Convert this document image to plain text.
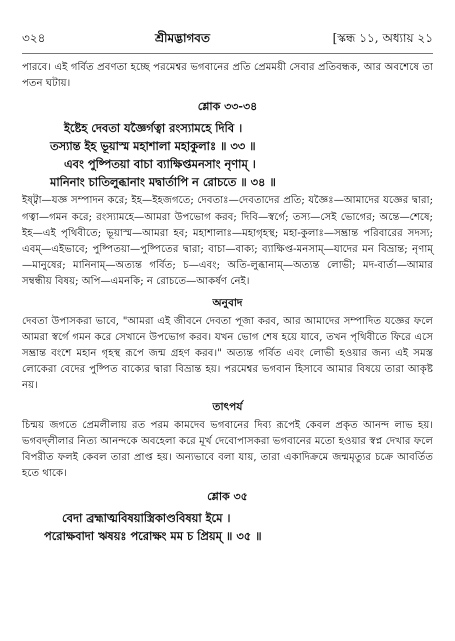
৩২৪	শ্রীমদ্ভাগবত	[স্কন্ধ ১১, অধ্যায় ২১

পারবে। এই গর্বিত প্রবণতা হচ্ছে পরমেশ্বর ভগবানের প্রতি প্রেমময়ী সেবার প্রতিবন্ধক, আর অবশেষে তা পতন ঘটায়।

শ্লোক ৩৩-৩৪

ইষ্টেহ দেবতা যজ্ঞৈর্গত্বা রংস্যামহে দিবি ।

তস্যান্ত ইহ ভূয়াস্ম মহাশালা মহাকুলাঃ ॥ ৩৩ ॥

এবং পুষ্পিতয়া বাচা ব্যাক্ষিপ্তমনসাং নৃণাম্ ।

মানিনাং চাতিলুব্ধানাং মদ্বার্তাপি ন রোচতে ॥ ৩৪ ॥

ইষ্ট্বা—যজ্ঞ সম্পাদন করে; ইহ—ইহজগতে; দেবতাঃ—দেবতাদের প্রতি; যজ্ঞৈঃ—আমাদের যজ্ঞের দ্বারা; গত্বা—গমন করে; রংস্যামহে—আমরা উপভোগ করব; দিবি—স্বর্গে; তস্য—সেই ভোগের; অন্তে—শেষে; ইহ—এই পৃথিবীতে; ভূয়াস্ম—আমরা হব; মহাশালাঃ—মহাগৃহস্থ; মহা-কুলাঃ—সম্ভ্রান্ত পরিবারের সদস্য; এবম্—এইভাবে; পুষ্পিতয়া—পুষ্পিতের দ্বারা; বাচা—বাক্য; ব্যাক্ষিপ্ত-মনসাম্—যাদের মন বিভ্রান্ত; নৃণাম্—মানুষের; মানিনাম্—অত্যন্ত গর্বিত; চ—এবং; অতি-লুব্ধানাম্—অত্যন্ত লোভী; মদ-বার্তা—আমার সম্বন্ধীয় বিষয়; অপি—এমনকি; ন রোচতে—আকর্ষণ নেই।

অনুবাদ

দেবতা উপাসকরা ভাবে, "আমরা এই জীবনে দেবতা পূজা করব, আর আমাদের সম্পাদিত যজ্ঞের ফলে আমরা স্বর্গে গমন করে সেখানে উপভোগ করব। যখন ভোগ শেষ হয়ে যাবে, তখন পৃথিবীতে ফিরে এসে সম্ভ্রান্ত বংশে মহান গৃহস্থ রূপে জন্ম গ্রহণ করব।" অত্যন্ত গর্বিত এবং লোভী হওয়ার জন্য এই সমস্ত লোকেরা বেদের পুষ্পিত বাক্যের দ্বারা বিভ্রান্ত হয়। পরমেশ্বর ভগবান হিসাবে আমার বিষয়ে তারা আকৃষ্ট নয়।

তাৎপর্য

চিন্ময় জগতে প্রেমলীলায় রত পরম কামদেব ভগবানের দিব্য রূপেই কেবল প্রকৃত আনন্দ লাভ হয়। ভগবদ্লীলার নিত্য আনন্দকে অবহেলা করে মূর্খ দেবোপাসকরা ভগবানের মতো হওয়ার স্বপ্ন দেখার ফলে বিপরীত ফলই কেবল তারা প্রাপ্ত হয়। অন্যভাবে বলা যায়, তারা একাদিক্রমে জন্মমৃত্যুর চক্রে আবর্তিত হতে থাকে।

শ্লোক ৩৫

বেদা ব্রহ্মাত্মবিষয়াস্ত্রিকাণ্ডবিষয়া ইমে ।

পরোক্ষবাদা ঋষয়ঃ পরোক্ষং মম চ প্রিয়ম্ ॥ ৩৫ ॥
